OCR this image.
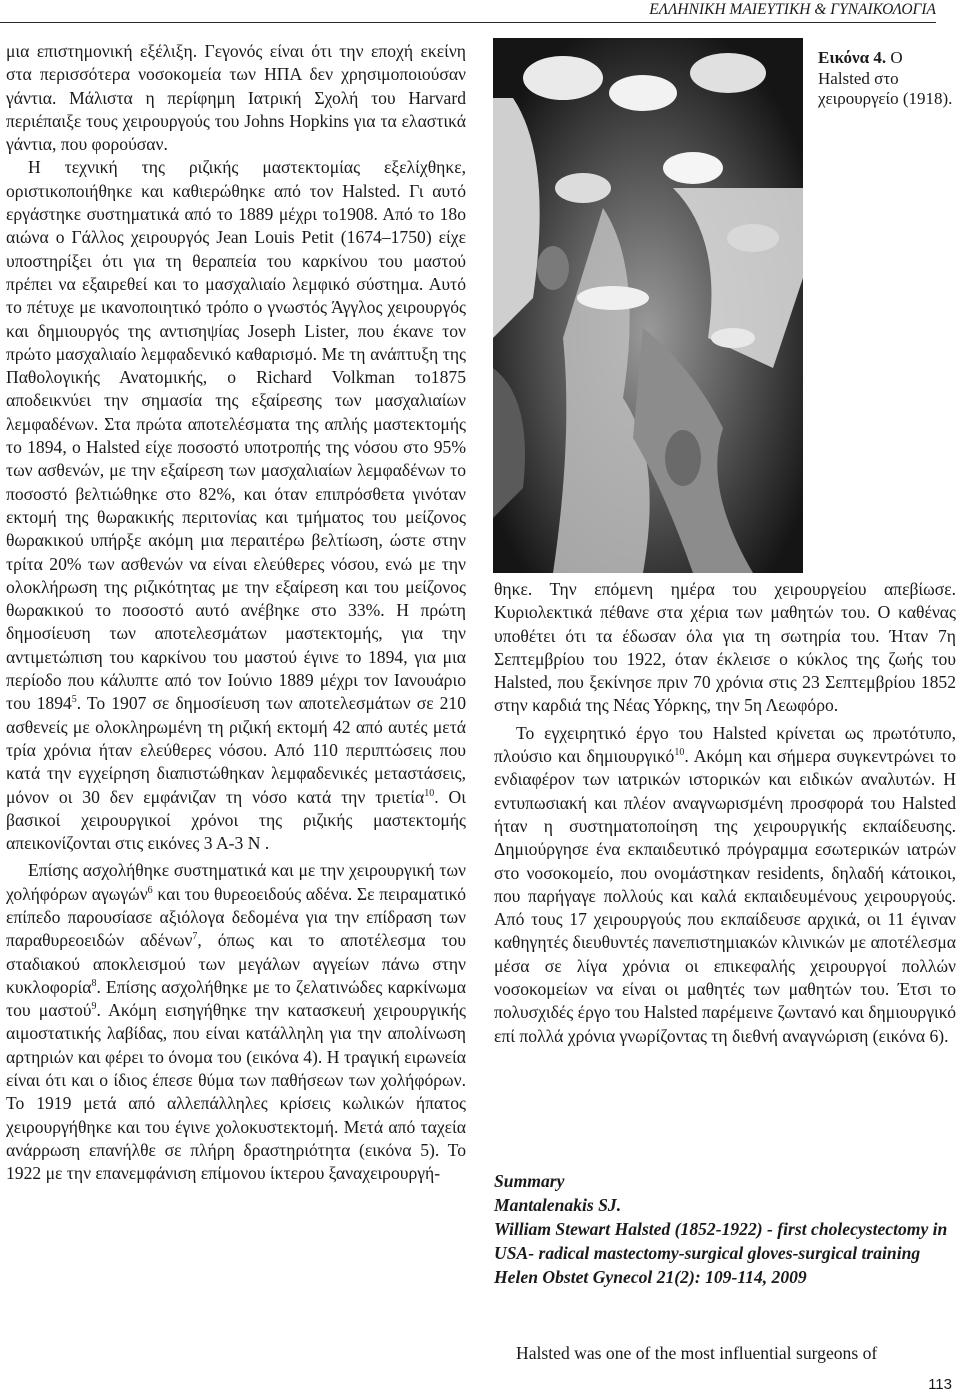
ΕΛΛΗΝΙΚΗ ΜΑΙΕΥΤΙΚΗ & ΓΥΝΑΙΚΟΛΟΓΙΑ

μια επιστημονική εξέλιξη. Γεγονός είναι ότι την εποχή εκείνη στα περισσότερα νοσοκομεία των ΗΠΑ δεν χρησιμοποιούσαν γάντια. Μάλιστα η περίφημη Ιατρική Σχολή του Harvard περιέπαιξε τους χειρουργούς του Johns Hopkins για τα ελαστικά γάντια, που φορούσαν.

Η τεχνική της ριζικής μαστεκτομίας εξελίχθηκε, οριστικοποιήθηκε και καθιερώθηκε από τον Halsted. Γι αυτό εργάστηκε συστηματικά από το 1889 μέχρι το1908. Από το 18ο αιώνα ο Γάλλος χειρουργός Jean Louis Petit (1674–1750) είχε υποστηρίξει ότι για τη θεραπεία του καρκίνου του μαστού πρέπει να εξαιρεθεί και το μασχαλιαίο λεμφικό σύστημα. Αυτό το πέτυχε με ικανοποιητικό τρόπο ο γνωστός Άγγλος χειρουργός και δημιουργός της αντισηψίας Joseph Lister, που έκανε τον πρώτο μασχαλιαίο λεμφαδενικό καθαρισμό. Με τη ανάπτυξη της Παθολογικής Ανατομικής, ο Richard Volkman το1875 αποδεικνύει την σημασία της εξαίρεσης των μασχαλιαίων λεμφαδένων. Στα πρώτα αποτελέσματα της απλής μαστεκτομής το 1894, ο Halsted είχε ποσοστό υποτροπής της νόσου στο 95% των ασθενών, με την εξαίρεση των μασχαλιαίων λεμφαδένων το ποσοστό βελτιώθηκε στο 82%, και όταν επιπρόσθετα γινόταν εκτομή της θωρακικής περιτονίας και τμήματος του μείζονος θωρακικού υπήρξε ακόμη μια περαιτέρω βελτίωση, ώστε στην τρίτα 20% των ασθενών να είναι ελεύθερες νόσου, ενώ με την ολοκλήρωση της ριζικότητας με την εξαίρεση και του μείζονος θωρακικού το ποσοστό αυτό ανέβηκε στο 33%. Η πρώτη δημοσίευση των αποτελεσμάτων μαστεκτομής, για την αντιμετώπιση του καρκίνου του μαστού έγινε το 1894, για μια περίοδο που κάλυπτε από τον Ιούνιο 1889 μέχρι τον Ιανουάριο του 1894$^5$. Το 1907 σε δημοσίευση των αποτελεσμάτων σε 210 ασθενείς με ολοκληρωμένη τη ριζική εκτομή 42 από αυτές μετά τρία χρόνια ήταν ελεύθερες νόσου. Από 110 περιπτώσεις που κατά την εγχείρηση διαπιστώθηκαν λεμφαδενικές μεταστάσεις, μόνον οι 30 δεν εμφάνιζαν τη νόσο κατά την τριετία$^{10}$. Οι βασικοί χειρουργικοί χρόνοι της ριζικής μαστεκτομής απεικονίζονται στις εικόνες 3 Α-3 Ν .

Επίσης ασχολήθηκε συστηματικά και με την χειρουργική των χολήφόρων αγωγών$^6$ και του θυρεοειδούς αδένα. Σε πειραματικό επίπεδο παρουσίασε αξιόλογα δεδομένα για την επίδραση των παραθυρεοειδών αδένων$^7$, όπως και το αποτέλεσμα του σταδιακού αποκλεισμού των μεγάλων αγγείων πάνω στην κυκλοφορία$^8$. Επίσης ασχολήθηκε με το ζελατινώδες καρκίνωμα του μαστού$^9$. Ακόμη εισηγήθηκε την κατασκευή χειρουργικής αιμοστατικής λαβίδας, που είναι κατάλληλη για την απολίνωση αρτηριών και φέρει το όνομα του (εικόνα 4). Η τραγική ειρωνεία είναι ότι και ο ίδιος έπεσε θύμα των παθήσεων των χολήφόρων. Το 1919 μετά από αλλεπάλληλες κρίσεις κωλικών ήπατος χειρουργήθηκε και του έγινε χολοκυστεκτομή. Μετά από ταχεία ανάρρωση επανήλθε σε πλήρη δραστηριότητα (εικόνα 5). Το 1922 με την επανεμφάνιση επίμονου ίκτερου ξαναχειρουργή-

Εικόνα 4. Ο Halsted στο χειρουργείο (1918).

θηκε. Την επόμενη ημέρα του χειρουργείου απεβίωσε. Κυριολεκτικά πέθανε στα χέρια των μαθητών του. Ο καθένας υποθέτει ότι τα έδωσαν όλα για τη σωτηρία του. Ήταν 7η Σεπτεμβρίου του 1922, όταν έκλεισε ο κύκλος της ζωής του Halsted, που ξεκίνησε πριν 70 χρόνια στις 23 Σεπτεμβρίου 1852 στην καρδιά της Νέας Υόρκης, την 5η Λεωφόρο.

Το εγχειρητικό έργο του Halsted κρίνεται ως πρωτότυπο, πλούσιο και δημιουργικό$^{10}$. Ακόμη και σήμερα συγκεντρώνει το ενδιαφέρον των ιατρικών ιστορικών και ειδικών αναλυτών. Η εντυπωσιακή και πλέον αναγνωρισμένη προσφορά του Halsted ήταν η συστηματοποίηση της χειρουργικής εκπαίδευσης. Δημιούργησε ένα εκπαιδευτικό πρόγραμμα εσωτερικών ιατρών στο νοσοκομείο, που ονομάστηκαν residents, δηλαδή κάτοικοι, που παρήγαγε πολλούς και καλά εκπαιδευμένους χειρουργούς. Από τους 17 χειρουργούς που εκπαίδευσε αρχικά, οι 11 έγιναν καθηγητές διευθυντές πανεπιστημιακών κλινικών με αποτέλεσμα μέσα σε λίγα χρόνια οι επικεφαλής χειρουργοί πολλών νοσοκομείων να είναι οι μαθητές των μαθητών του. Έτσι το πολυσχιδές έργο του Halsted παρέμεινε ζωντανό και δημιουργικό επί πολλά χρόνια γνωρίζοντας τη διεθνή αναγνώριση (εικόνα 6).

Summary

Mantalenakis SJ.

William Stewart Halsted (1852-1922) - first cholecystectomy in USA- radical mastectomy-surgical gloves-surgical training

Helen Obstet Gynecol 21(2): 109-114, 2009

Halsted was one of the most influential surgeons of
113
